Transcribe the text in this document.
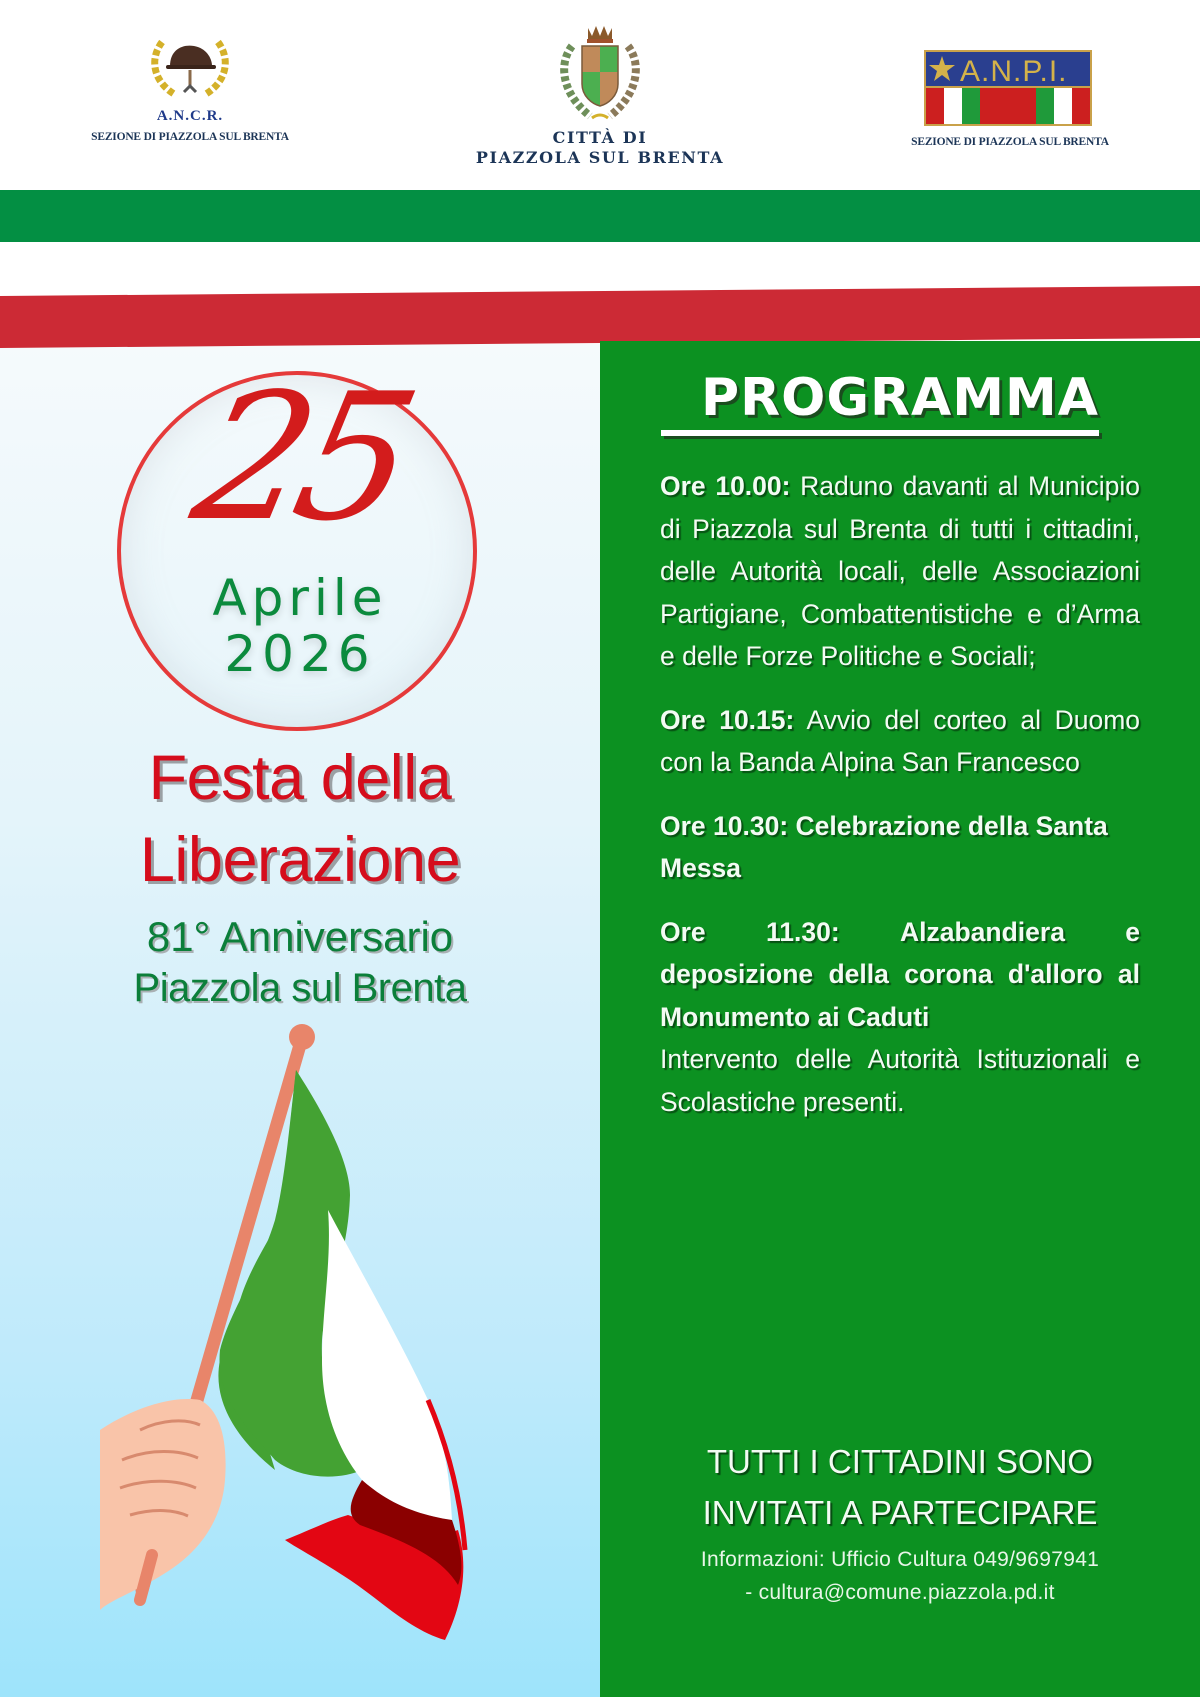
A.N.C.R.
SEZIONE DI PIAZZOLA SUL BRENTA	CITTÀ DI
PIAZZOLA SUL BRENTA
A.N.P.I.
SEZIONE DI PIAZZOLA SUL BRENTA
25
Aprile
2026
Festa della
Liberazione
81° Anniversario
Piazzola sul Brenta
PROGRAMMA
Ore 10.00: Raduno davanti al Municipio di Piazzola sul Brenta di tutti i cittadini, delle Autorità locali, delle Associazioni Partigiane, Combattentistiche e d’Arma e delle Forze Politiche e Sociali;
Ore 10.15: Avvio del corteo al Duomo con la Banda Alpina San Francesco
Ore 10.30: Celebrazione della Santa Messa
Ore 11.30: Alzabandiera e deposizione della corona d'alloro al Monumento ai Caduti
Intervento delle Autorità Istituzionali e Scolastiche presenti.
TUTTI I CITTADINI SONO
INVITATI A PARTECIPARE
Informazioni: Ufficio Cultura 049/9697941
- cultura@comune.piazzola.pd.it
